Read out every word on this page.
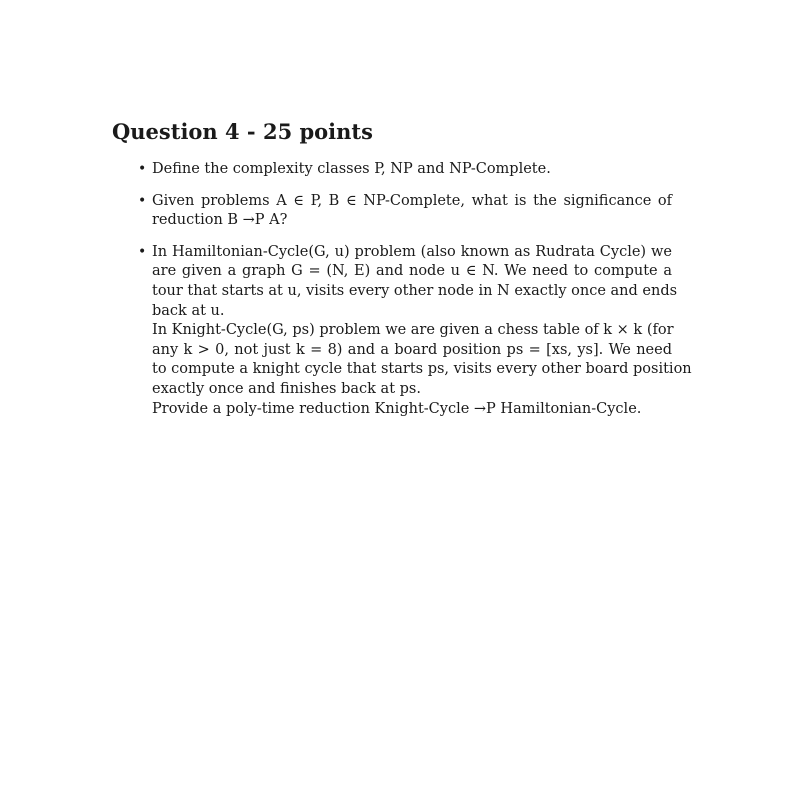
Question 4 - 25 points
• Define the complexity classes P, NP and NP-Complete.
• Given problems A ∈ P, B ∈ NP-Complete, what is the significance of
reduction B →P A?
• In Hamiltonian-Cycle(G, u) problem (also known as Rudrata Cycle) we
are given a graph G = (N, E) and node u ∈ N. We need to compute a
tour that starts at u, visits every other node in N exactly once and ends
back at u.
In Knight-Cycle(G, ps) problem we are given a chess table of k × k (for
any k > 0, not just k = 8) and a board position ps = [xs, ys]. We need
to compute a knight cycle that starts ps, visits every other board position
exactly once and finishes back at ps.
Provide a poly-time reduction Knight-Cycle →P Hamiltonian-Cycle.
